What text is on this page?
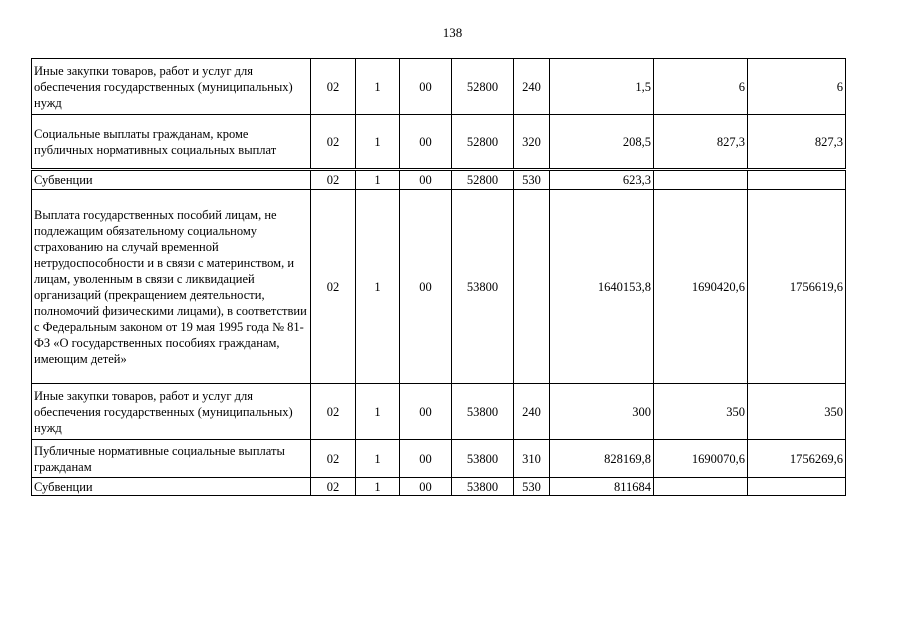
138
Иные закупки товаров, работ и услуг для обеспечения государственных (муниципальных) нужд	02	1	00	52800	240	1,5	6	6
Социальные выплаты гражданам, кроме публичных нормативных социальных выплат	02	1	00	52800	320	208,5	827,3	827,3
Субвенции	02	1	00	52800	530	623,3		
Выплата государственных пособий лицам, не подлежащим обязательному социальному страхованию на случай временной нетрудоспособности и в связи с материнством, и лицам, уволенным в связи с ликвидацией организаций (прекращением деятельности, полномочий физическими лицами), в соответствии с Федеральным законом от 19 мая 1995 года № 81-ФЗ «О государственных пособиях гражданам, имеющим детей»	02	1	00	53800		1640153,8	1690420,6	1756619,6
Иные закупки товаров, работ и услуг для обеспечения государственных (муниципальных) нужд	02	1	00	53800	240	300	350	350
Публичные нормативные социальные выплаты гражданам	02	1	00	53800	310	828169,8	1690070,6	1756269,6
Субвенции	02	1	00	53800	530	811684		
